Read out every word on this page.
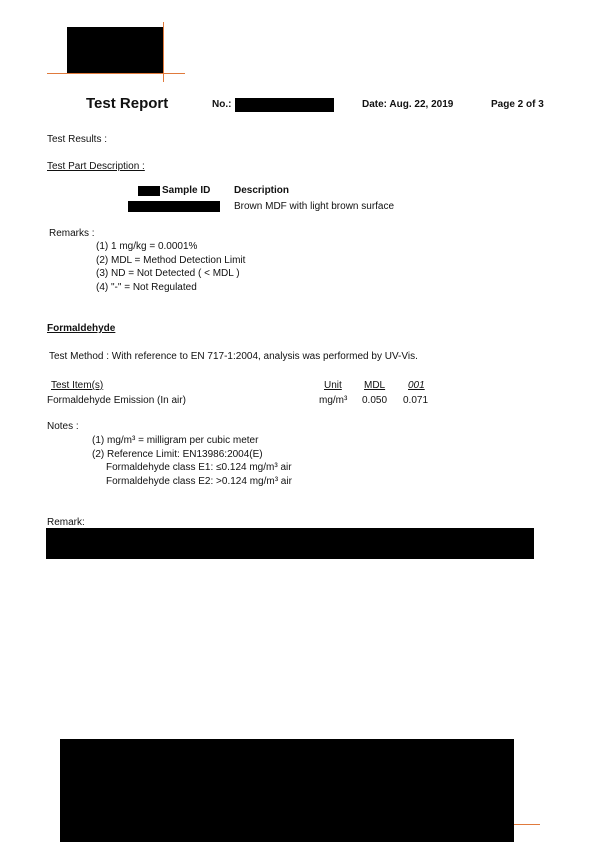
Test Report	No.:	Date: Aug. 22, 2019	Page 2 of 3
Test Results :
Test Part Description :
Sample ID Description
Brown MDF with light brown surface
Remarks :
(1) 1 mg/kg = 0.0001%
(2) MDL = Method Detection Limit
(3) ND = Not Detected ( < MDL )
(4) "-" = Not Regulated
Formaldehyde
Test Method : With reference to EN 717-1:2004, analysis was performed by UV-Vis.
Test Item(s)	Unit MDL 001
Formaldehyde Emission (In air)	mg/m³ 0.050 0.071
Notes :
(1) mg/m³ = milligram per cubic meter
(2) Reference Limit: EN13986:2004(E)
Formaldehyde class E1: ≤0.124 mg/m³ air
Formaldehyde class E2: >0.124 mg/m³ air
Remark:
